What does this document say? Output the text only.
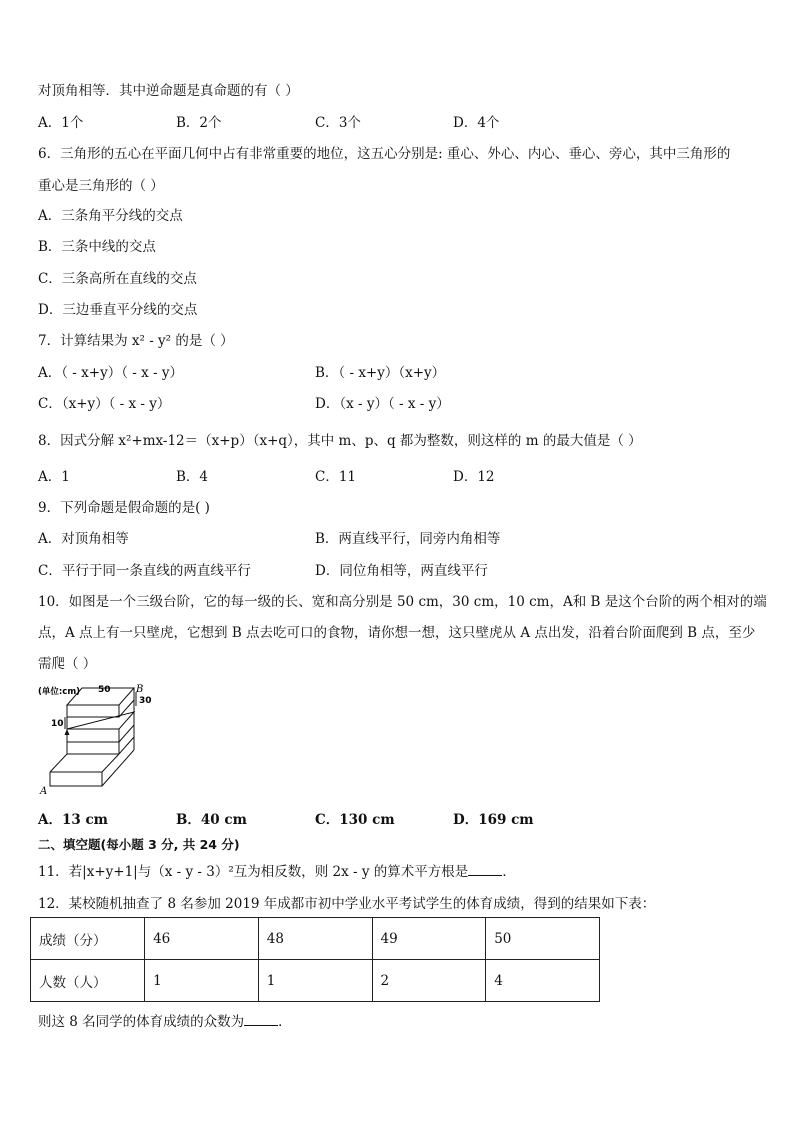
对顶角相等．其中逆命题是真命题的有（ ）
A．1个	B．2个	C．3个	D．4个
6．三角形的五心在平面几何中占有非常重要的地位，这五心分别是: 重心、外心、内心、垂心、旁心，其中三角形的
重心是三角形的（ ）
A．三条角平分线的交点
B．三条中线的交点
C．三条高所在直线的交点
D．三边垂直平分线的交点
7．计算结果为 x² - y² 的是（ ）
A．（ - x+y）（ - x - y）	B．（ - x+y）（x+y）
C．（x+y）（ - x - y）	D．（x - y）（ - x - y）
8．因式分解 x²+mx-12＝（x+p）（x+q），其中 m、p、q 都为整数，则这样的 m 的最大值是（ ）
A．1	B．4	C．11	D．12
9．下列命题是假命题的是( )
A．对顶角相等	B．两直线平行，同旁内角相等
C．平行于同一条直线的两直线平行	D．同位角相等，两直线平行
10．如图是一个三级台阶，它的每一级的长、宽和高分别是 50 cm，30 cm，10 cm，A和 B 是这个台阶的两个相对的端
点，A 点上有一只壁虎，它想到 B 点去吃可口的食物，请你想一想，这只壁虎从 A 点出发，沿着台阶面爬到 B 点，至少
需爬（ ）
(单位:cm) 50
30
10
A
B
A．13 cm	B．40 cm	C．130 cm	D．169 cm
二、填空题(每小题 3 分, 共 24 分)
11．若|x+y+1|与（x - y - 3）²互为相反数，则 2x - y 的算术平方根是	．
12．某校随机抽查了 8 名参加 2019 年成都市初中学业水平考试学生的体育成绩，得到的结果如下表：
成绩（分）	46	48	49	50
人数（人）	1	1	2	4
则这 8 名同学的体育成绩的众数为	．
